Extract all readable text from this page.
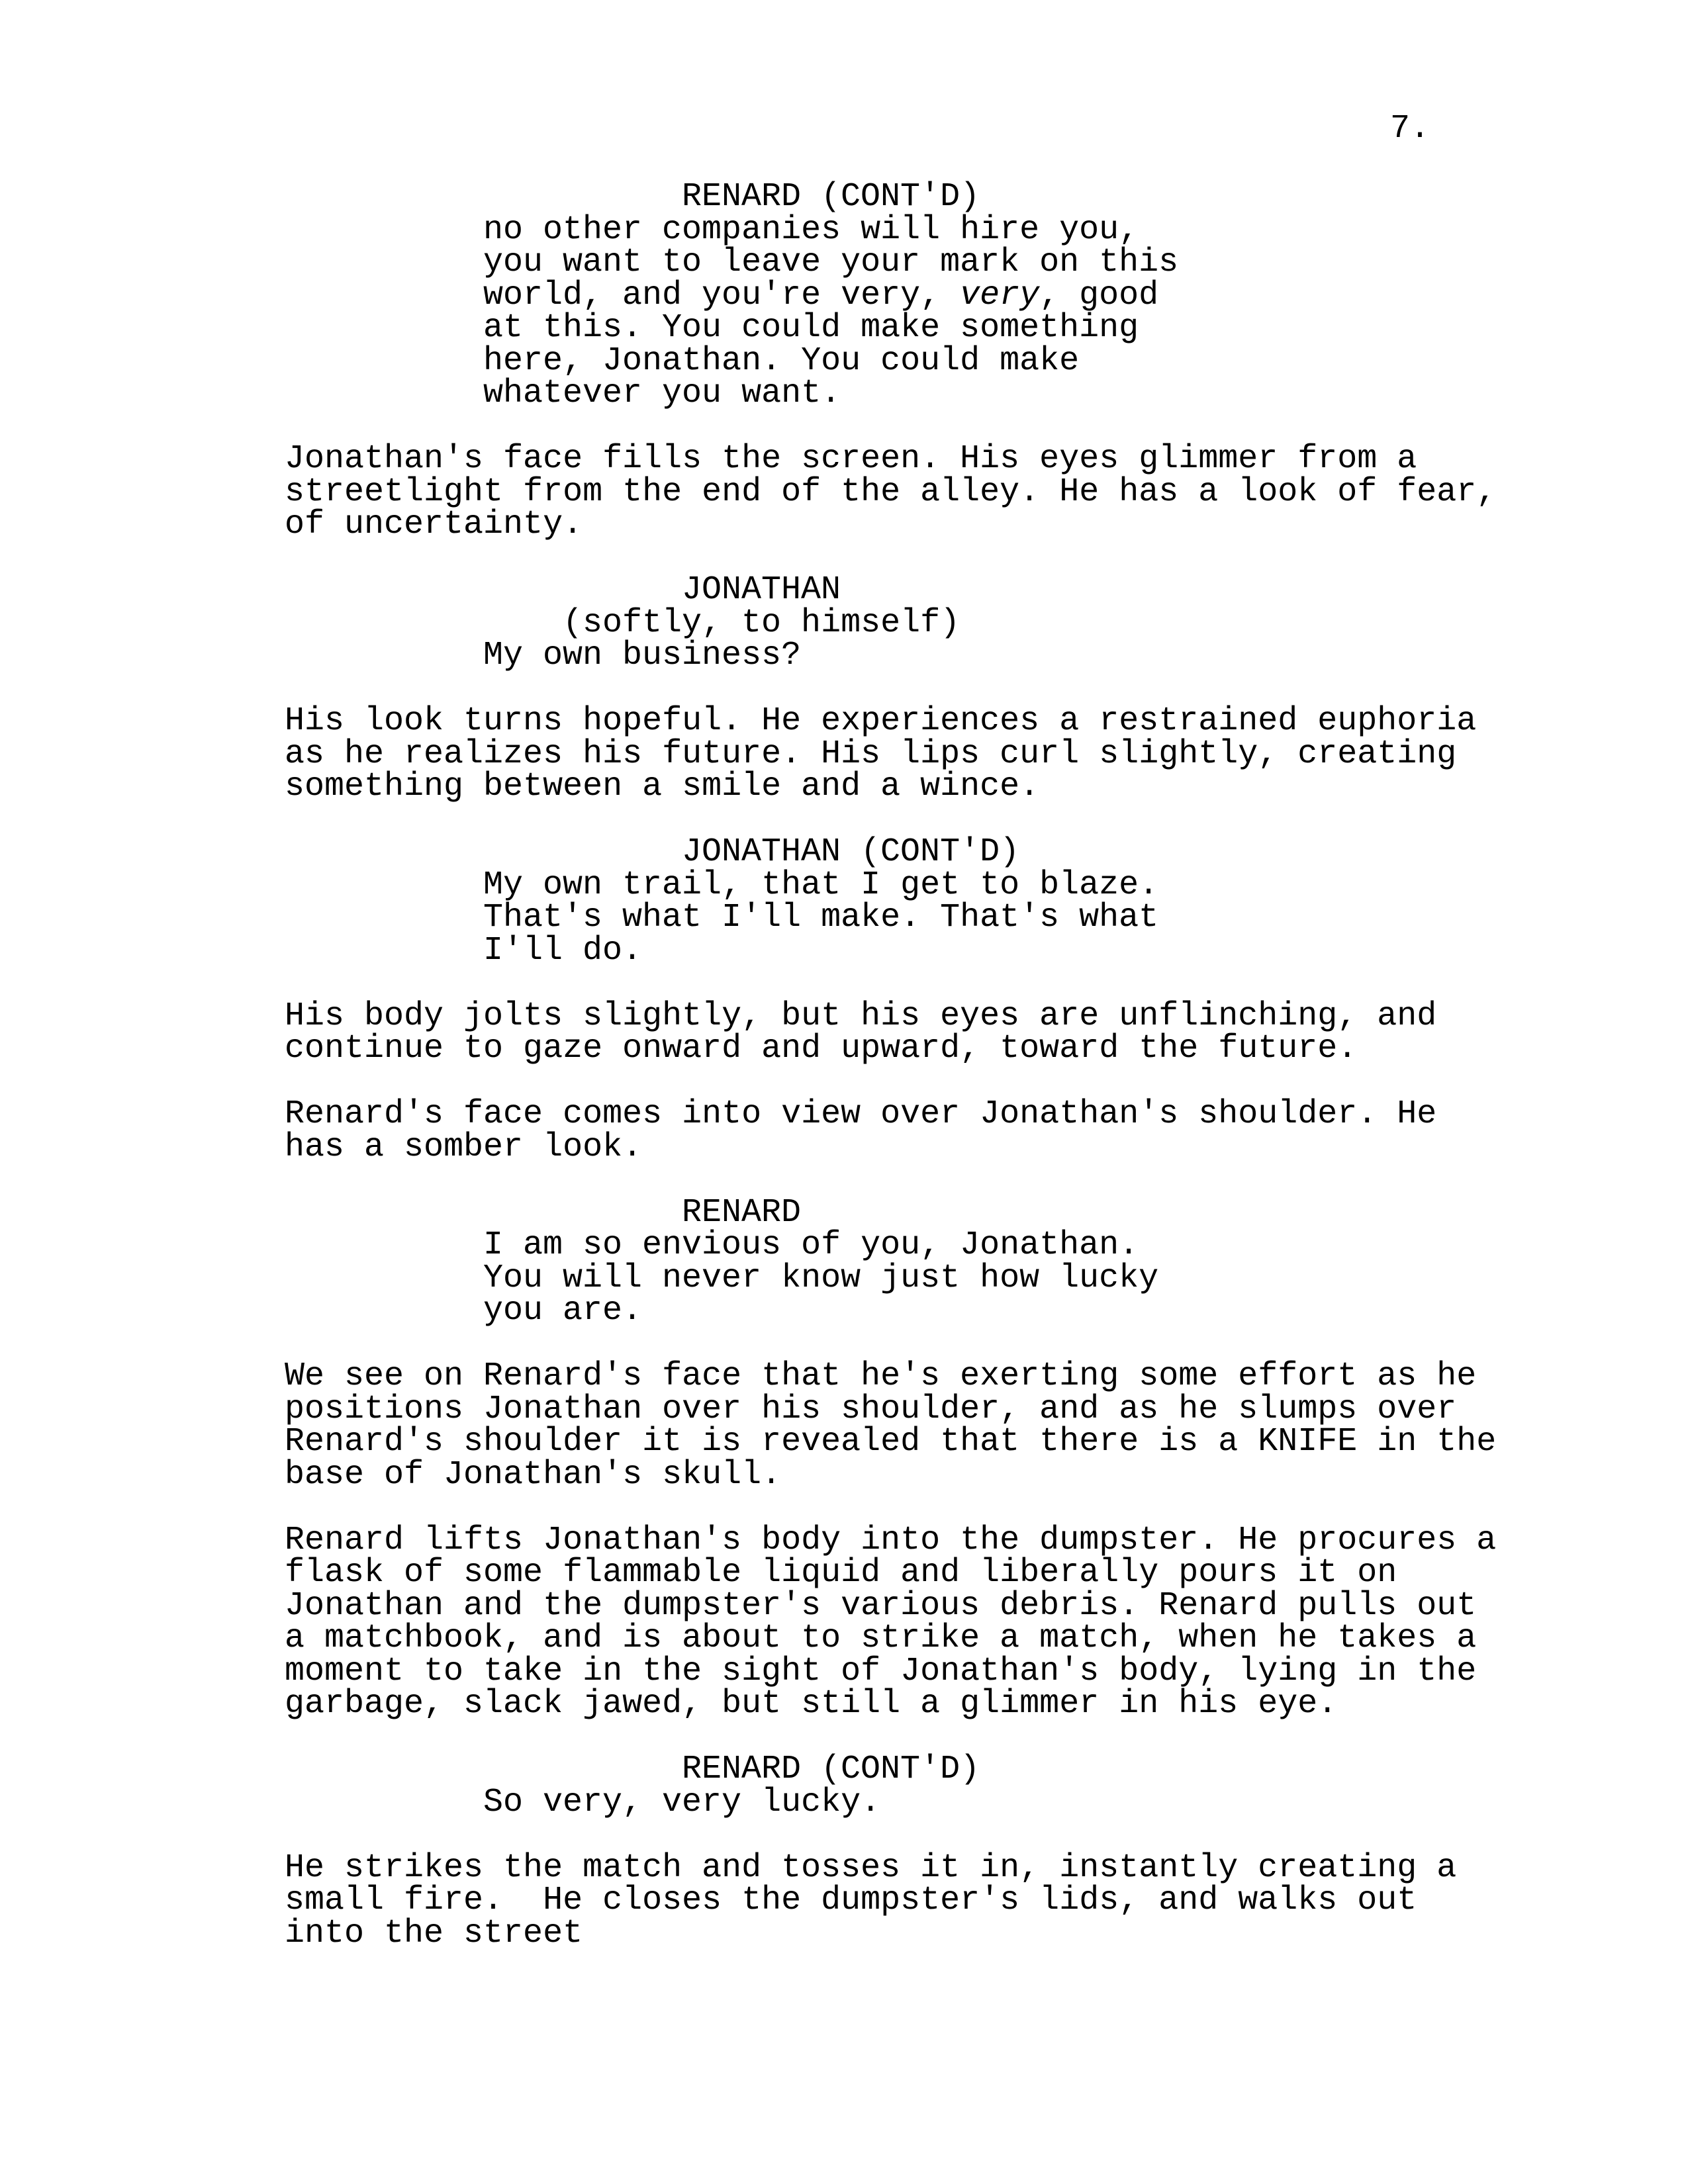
7.
RENARD (CONT'D)
no other companies will hire you,
you want to leave your mark on this
world, and you're very, very, good
at this. You could make something
here, Jonathan. You could make
whatever you want.
Jonathan's face fills the screen. His eyes glimmer from a
streetlight from the end of the alley. He has a look of fear,
of uncertainty.
JONATHAN
(softly, to himself)
My own business?
His look turns hopeful. He experiences a restrained euphoria
as he realizes his future. His lips curl slightly, creating
something between a smile and a wince.
JONATHAN (CONT'D)
My own trail, that I get to blaze.
That's what I'll make. That's what
I'll do.
His body jolts slightly, but his eyes are unflinching, and
continue to gaze onward and upward, toward the future.
Renard's face comes into view over Jonathan's shoulder. He
has a somber look.
RENARD
I am so envious of you, Jonathan.
You will never know just how lucky
you are.
We see on Renard's face that he's exerting some effort as he
positions Jonathan over his shoulder, and as he slumps over
Renard's shoulder it is revealed that there is a KNIFE in the
base of Jonathan's skull.
Renard lifts Jonathan's body into the dumpster. He procures a
flask of some flammable liquid and liberally pours it on
Jonathan and the dumpster's various debris. Renard pulls out
a matchbook, and is about to strike a match, when he takes a
moment to take in the sight of Jonathan's body, lying in the
garbage, slack jawed, but still a glimmer in his eye.
RENARD (CONT'D)
So very, very lucky.
He strikes the match and tosses it in, instantly creating a
small fire.  He closes the dumpster's lids, and walks out
into the street
